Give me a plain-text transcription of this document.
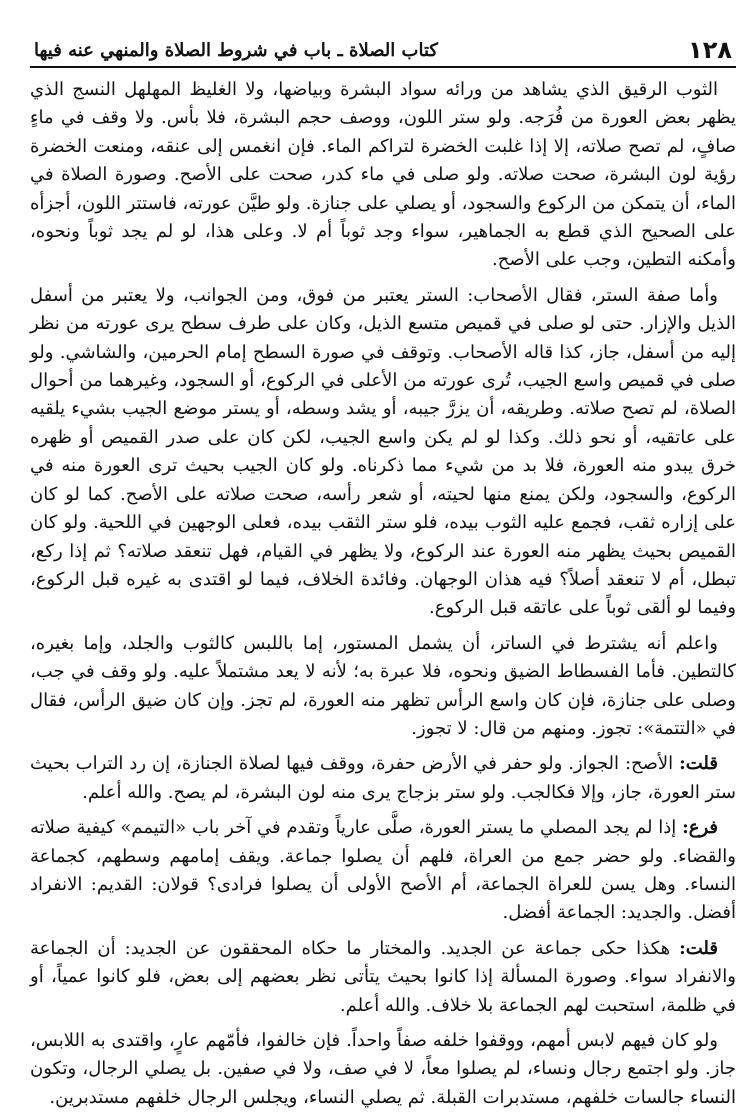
١٢٨
كتاب الصلاة ـ باب في شروط الصلاة والمنهي عنه فيها

الثوب الرقيق الذي يشاهد من ورائه سواد البشرة وبياضها، ولا الغليظ المهلهل النسج الذي يظهر بعض العورة من فُرَجه. ولو ستر اللون، ووصف حجم البشرة، فلا بأس. ولا وقف في ماءٍ صافٍ، لم تصح صلاته، إلا إذا غلبت الخضرة لتراكم الماء. فإن انغمس إلى عنقه، ومنعت الخضرة رؤية لون البشرة، صحت صلاته. ولو صلى في ماء كدر، صحت على الأصح. وصورة الصلاة في الماء، أن يتمكن من الركوع والسجود، أو يصلي على جنازة. ولو طيَّن عورته، فاستتر اللون، أجزأه على الصحيح الذي قطع به الجماهير، سواء وجد ثوباً أم لا. وعلى هذا، لو لم يجد ثوباً ونحوه، وأمكنه التطين، وجب على الأصح.

وأما صفة الستر، فقال الأصحاب: الستر يعتبر من فوق، ومن الجوانب، ولا يعتبر من أسفل الذيل والإزار. حتى لو صلى في قميص متسع الذيل، وكان على طرف سطح يرى عورته من نظر إليه من أسفل، جاز، كذا قاله الأصحاب. وتوقف في صورة السطح إمام الحرمين، والشاشي. ولو صلى في قميص واسع الجيب، تُرى عورته من الأعلى في الركوع، أو السجود، وغيرهما من أحوال الصلاة، لم تصح صلاته. وطريقه، أن يزرَّ جيبه، أو يشد وسطه، أو يستر موضع الجيب بشيء يلقيه على عاتقيه، أو نحو ذلك. وكذا لو لم يكن واسع الجيب، لكن كان على صدر القميص أو ظهره خرق يبدو منه العورة، فلا بد من شيء مما ذكرناه. ولو كان الجيب بحيث ترى العورة منه في الركوع، والسجود، ولكن يمنع منها لحيته، أو شعر رأسه، صحت صلاته على الأصح. كما لو كان على إزاره ثقب، فجمع عليه الثوب بيده، فلو ستر الثقب بيده، فعلى الوجهين في اللحية. ولو كان القميص بحيث يظهر منه العورة عند الركوع، ولا يظهر في القيام، فهل تنعقد صلاته؟ ثم إذا ركع، تبطل، أم لا تنعقد أصلاً؟ فيه هذان الوجهان. وفائدة الخلاف، فيما لو اقتدى به غيره قبل الركوع، وفيما لو ألقى ثوباً على عاتقه قبل الركوع.

واعلم أنه يشترط في الساتر، أن يشمل المستور، إما باللبس كالثوب والجلد، وإما بغيره، كالتطين. فأما الفسطاط الضيق ونحوه، فلا عبرة به؛ لأنه لا يعد مشتملاً عليه. ولو وقف في جب، وصلى على جنازة، فإن كان واسع الرأس تظهر منه العورة، لم تجز. وإن كان ضيق الرأس، فقال في «التتمة»: تجوز. ومنهم من قال: لا تجوز.

قلت: الأصح: الجواز. ولو حفر في الأرض حفرة، ووقف فيها لصلاة الجنازة، إن رد التراب بحيث ستر العورة، جاز، وإلا فكالجب. ولو ستر بزجاج يرى منه لون البشرة، لم يصح. والله أعلم.

فرع: إذا لم يجد المصلي ما يستر العورة، صلَّى عارياً وتقدم في آخر باب «التيمم» كيفية صلاته والقضاء. ولو حضر جمع من العراة، فلهم أن يصلوا جماعة. ويقف إمامهم وسطهم، كجماعة النساء. وهل يسن للعراة الجماعة، أم الأصح الأولى أن يصلوا فرادى؟ قولان: القديم: الانفراد أفضل. والجديد: الجماعة أفضل.

قلت: هكذا حكى جماعة عن الجديد. والمختار ما حكاه المحققون عن الجديد: أن الجماعة والانفراد سواء. وصورة المسألة إذا كانوا بحيث يتأتى نظر بعضهم إلى بعض، فلو كانوا عمياً، أو في ظلمة، استحبت لهم الجماعة بلا خلاف. والله أعلم.

ولو كان فيهم لابس أمهم، ووقفوا خلفه صفاً واحداً. فإن خالفوا، فأمّهم عارٍ، واقتدى به اللابس، جاز. ولو اجتمع رجال ونساء، لم يصلوا معاً، لا في صف، ولا في صفين. بل يصلي الرجال، وتكون النساء جالسات خلفهم، مستدبرات القبلة. ثم يصلي النساء، ويجلس الرجال خلفهم مستدبرين.
